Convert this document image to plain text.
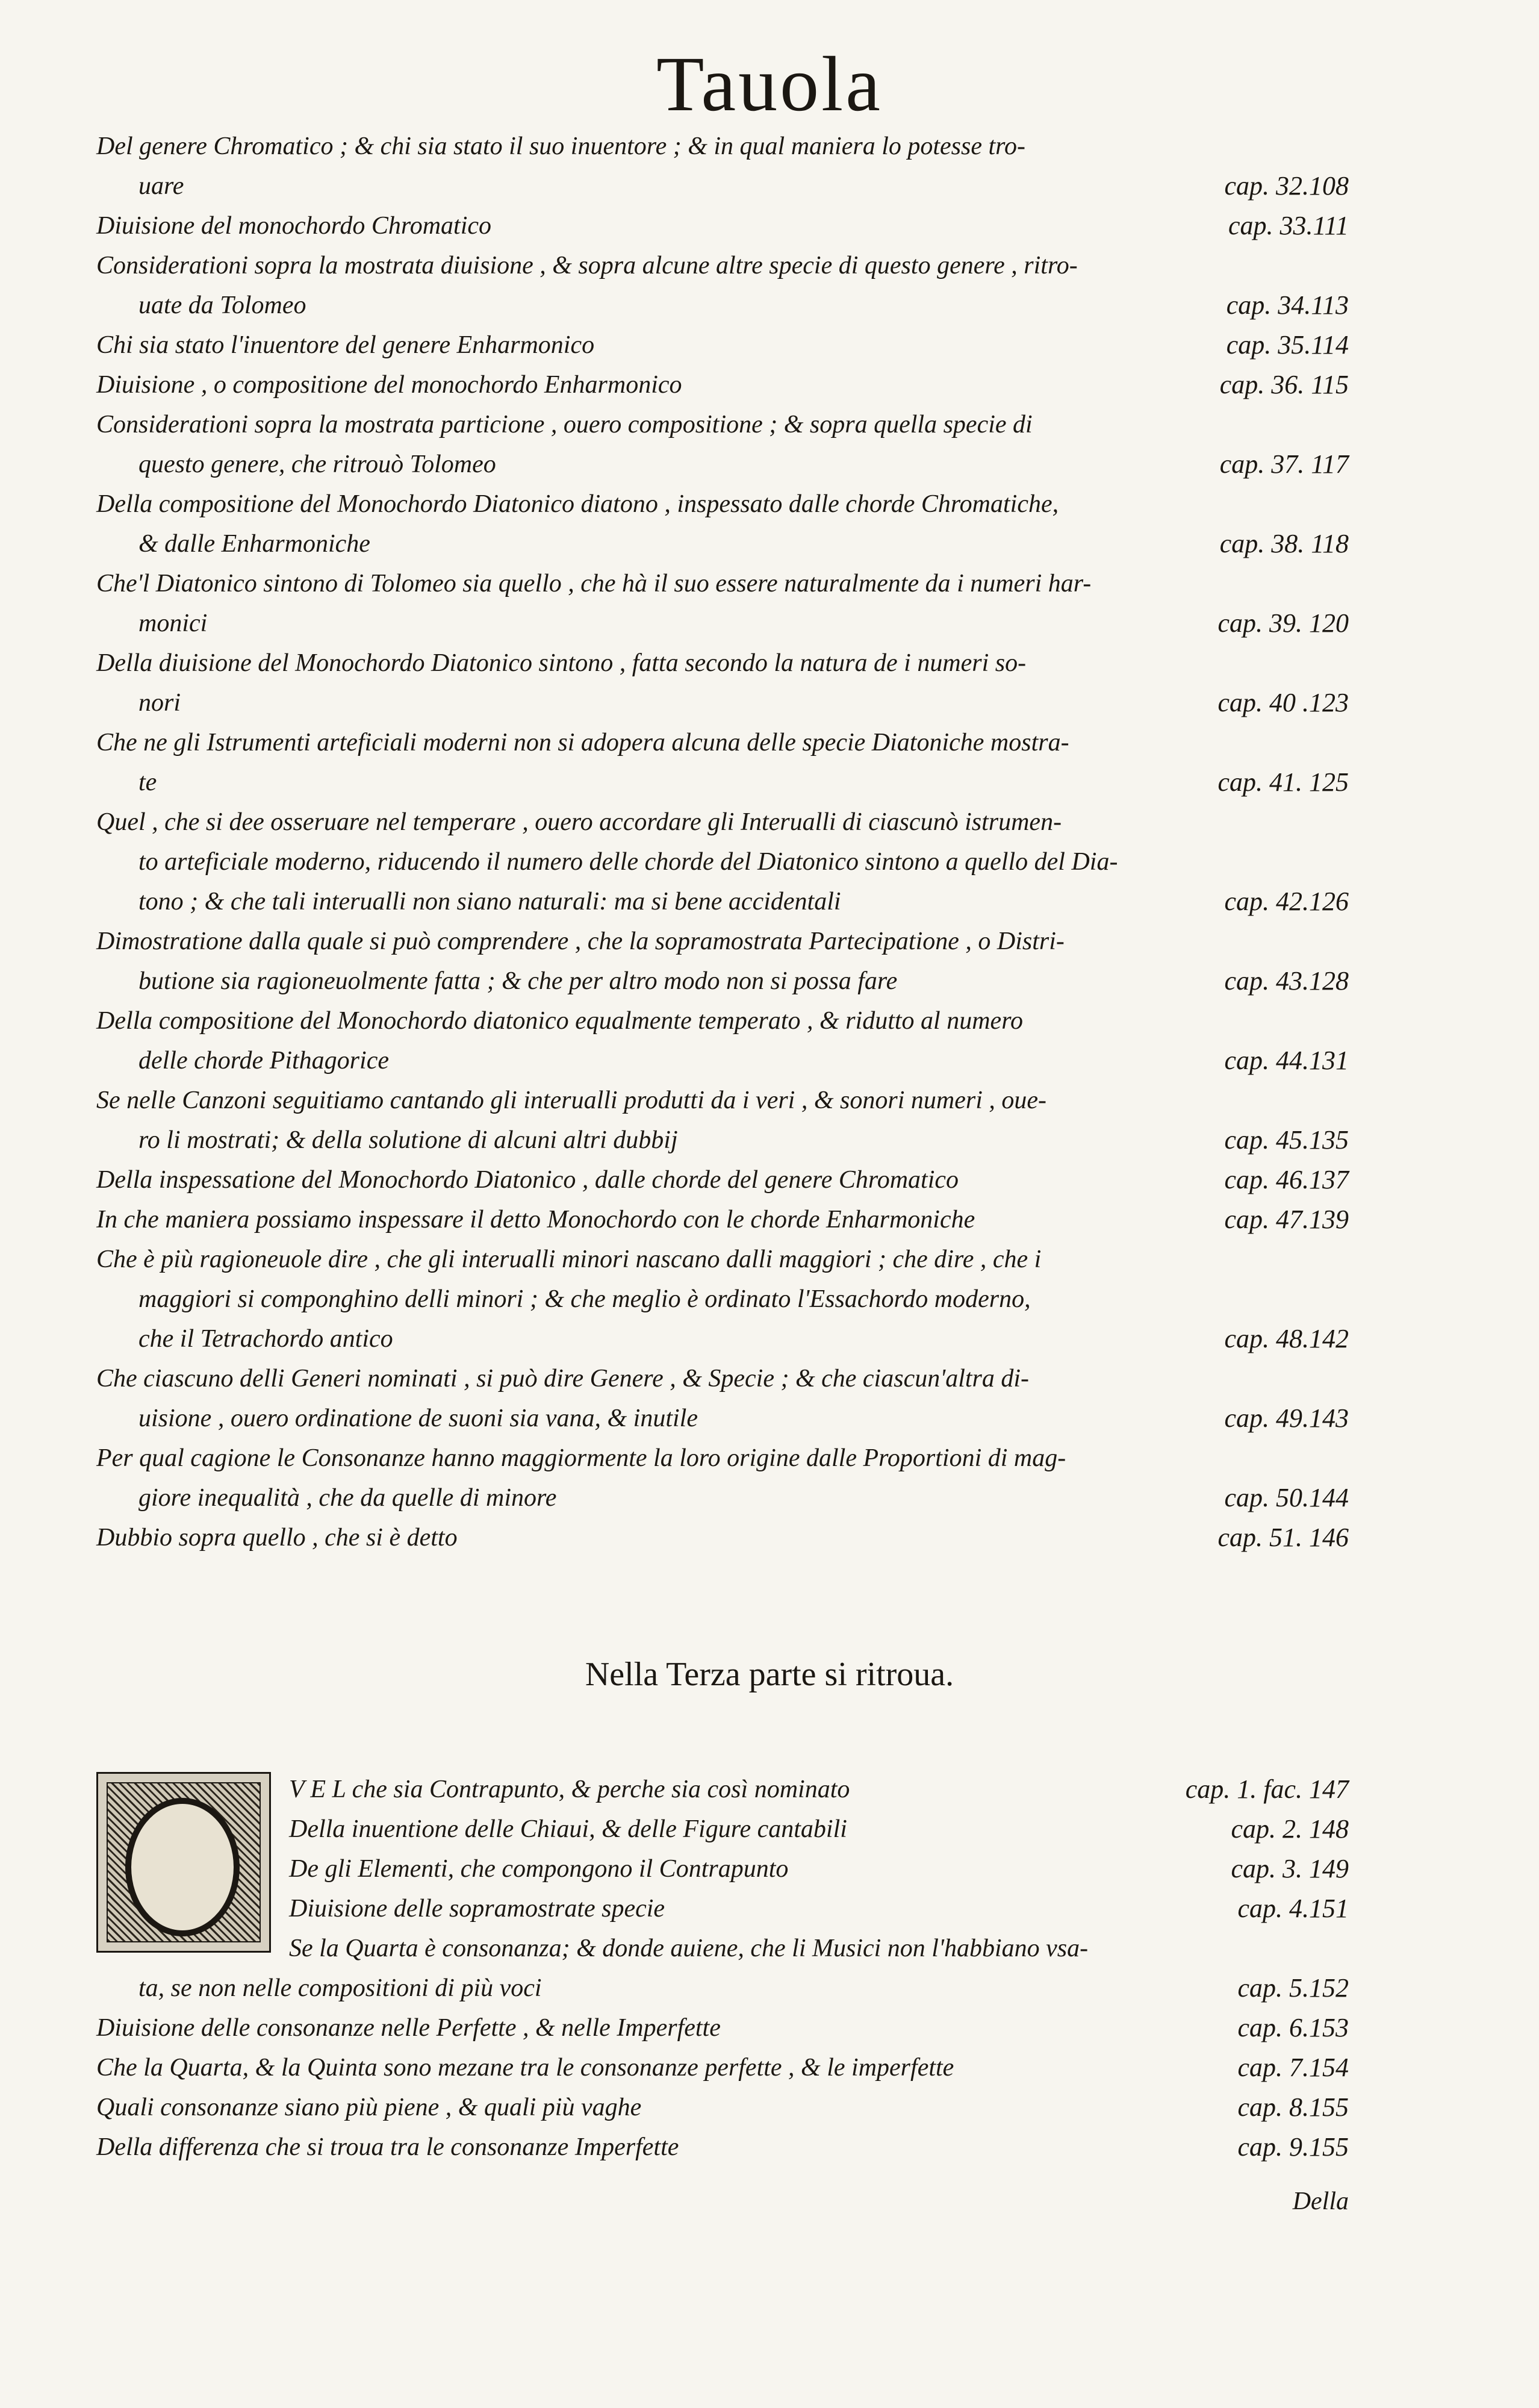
Tauola
Del genere Chromatico ; & chi sia stato il suo inuentore ; & in qual maniera lo potesse tro-
uare	cap. 32.108
Diuisione del monochordo Chromatico	cap. 33.111
Considerationi sopra la mostrata diuisione , & sopra alcune altre specie di questo genere , ritro-
uate da Tolomeo	cap. 34.113
Chi sia stato l'inuentore del genere Enharmonico	cap. 35.114
Diuisione , o compositione del monochordo Enharmonico	cap. 36. 115
Considerationi sopra la mostrata particione , ouero compositione ; & sopra quella specie di
questo genere, che ritrouò Tolomeo	cap. 37. 117
Della compositione del Monochordo Diatonico diatono , inspessato dalle chorde Chromatiche,
& dalle Enharmoniche	cap. 38. 118
Che'l Diatonico sintono di Tolomeo sia quello , che hà il suo essere naturalmente da i numeri har-
monici	cap. 39. 120
Della diuisione del Monochordo Diatonico sintono , fatta secondo la natura de i numeri so-
nori	cap. 40 .123
Che ne gli Istrumenti arteficiali moderni non si adopera alcuna delle specie Diatoniche mostra-
te	cap. 41. 125
Quel , che si dee osseruare nel temperare , ouero accordare gli Interualli di ciascunò istrumen-
to arteficiale moderno, riducendo il numero delle chorde del Diatonico sintono a quello del Dia-
tono ; & che tali interualli non siano naturali: ma si bene accidentali	cap. 42.126
Dimostratione dalla quale si può comprendere , che la sopramostrata Partecipatione , o Distri-
butione sia ragioneuolmente fatta ; & che per altro modo non si possa fare	cap. 43.128
Della compositione del Monochordo diatonico equalmente temperato , & ridutto al numero
delle chorde Pithagorice	cap. 44.131
Se nelle Canzoni seguitiamo cantando gli interualli produtti da i veri , & sonori numeri , oue-
ro li mostrati; & della solutione di alcuni altri dubbij	cap. 45.135
Della inspessatione del Monochordo Diatonico , dalle chorde del genere Chromatico	cap. 46.137
In che maniera possiamo inspessare il detto Monochordo con le chorde Enharmoniche	cap. 47.139
Che è più ragioneuole dire , che gli interualli minori nascano dalli maggiori ; che dire , che i
maggiori si componghino delli minori ; & che meglio è ordinato l'Essachordo moderno,
che il Tetrachordo antico	cap. 48.142
Che ciascuno delli Generi nominati , si può dire Genere , & Specie ; & che ciascun'altra di-
uisione , ouero ordinatione de suoni sia vana, & inutile	cap. 49.143
Per qual cagione le Consonanze hanno maggiormente la loro origine dalle Proportioni di mag-
giore inequalità , che da quelle di minore	cap. 50.144
Dubbio sopra quello , che si è detto	cap. 51. 146
Nella Terza parte si ritroua.
V E L che sia Contrapunto, & perche sia così nominato	cap. 1. fac. 147
Della inuentione delle Chiaui, & delle Figure cantabili	cap. 2. 148
De gli Elementi, che compongono il Contrapunto	cap. 3. 149
Diuisione delle sopramostrate specie	cap. 4.151
Se la Quarta è consonanza; & donde auiene, che li Musici non l'habbiano vsa-
ta, se non nelle compositioni di più voci	cap. 5.152
Diuisione delle consonanze nelle Perfette , & nelle Imperfette	cap. 6.153
Che la Quarta, & la Quinta sono mezane tra le consonanze perfette , & le imperfette	cap. 7.154
Quali consonanze siano più piene , & quali più vaghe	cap. 8.155
Della differenza che si troua tra le consonanze Imperfette	cap. 9.155
Della
